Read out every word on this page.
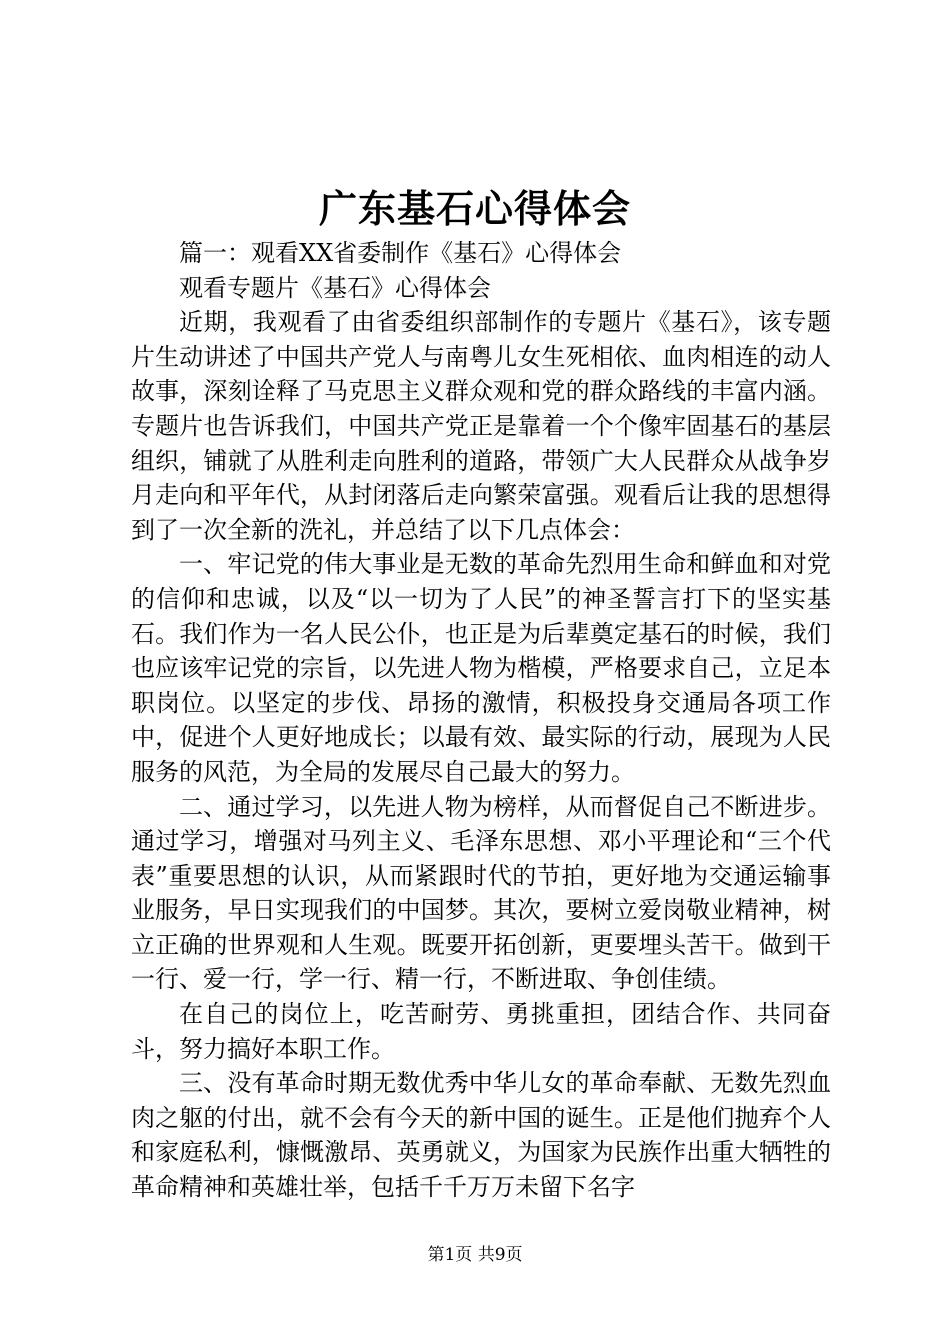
广东基石心得体会

篇一：观看XX省委制作《基石》心得体会

观看专题片《基石》心得体会

近期，我观看了由省委组织部制作的专题片《基石》，该专题片生动讲述了中国共产党人与南粤儿女生死相依、血肉相连的动人故事，深刻诠释了马克思主义群众观和党的群众路线的丰富内涵。专题片也告诉我们，中国共产党正是靠着一个个像牢固基石的基层组织，铺就了从胜利走向胜利的道路，带领广大人民群众从战争岁月走向和平年代，从封闭落后走向繁荣富强。观看后让我的思想得到了一次全新的洗礼，并总结了以下几点体会：

一、牢记党的伟大事业是无数的革命先烈用生命和鲜血和对党的信仰和忠诚，以及“以一切为了人民”的神圣誓言打下的坚实基石。我们作为一名人民公仆，也正是为后辈奠定基石的时候，我们也应该牢记党的宗旨，以先进人物为楷模，严格要求自己，立足本职岗位。以坚定的步伐、昂扬的激情，积极投身交通局各项工作中，促进个人更好地成长；以最有效、最实际的行动，展现为人民服务的风范，为全局的发展尽自己最大的努力。

二、通过学习，以先进人物为榜样，从而督促自己不断进步。通过学习，增强对马列主义、毛泽东思想、邓小平理论和“三个代表”重要思想的认识，从而紧跟时代的节拍，更好地为交通运输事业服务，早日实现我们的中国梦。其次，要树立爱岗敬业精神，树立正确的世界观和人生观。既要开拓创新，更要埋头苦干。做到干一行、爱一行，学一行、精一行，不断进取、争创佳绩。

在自己的岗位上，吃苦耐劳、勇挑重担，团结合作、共同奋斗，努力搞好本职工作。

三、没有革命时期无数优秀中华儿女的革命奉献、无数先烈血肉之躯的付出，就不会有今天的新中国的诞生。正是他们抛弃个人和家庭私利，慷慨激昂、英勇就义，为国家为民族作出重大牺牲的革命精神和英雄壮举，包括千千万万未留下名字

第1页 共9页
